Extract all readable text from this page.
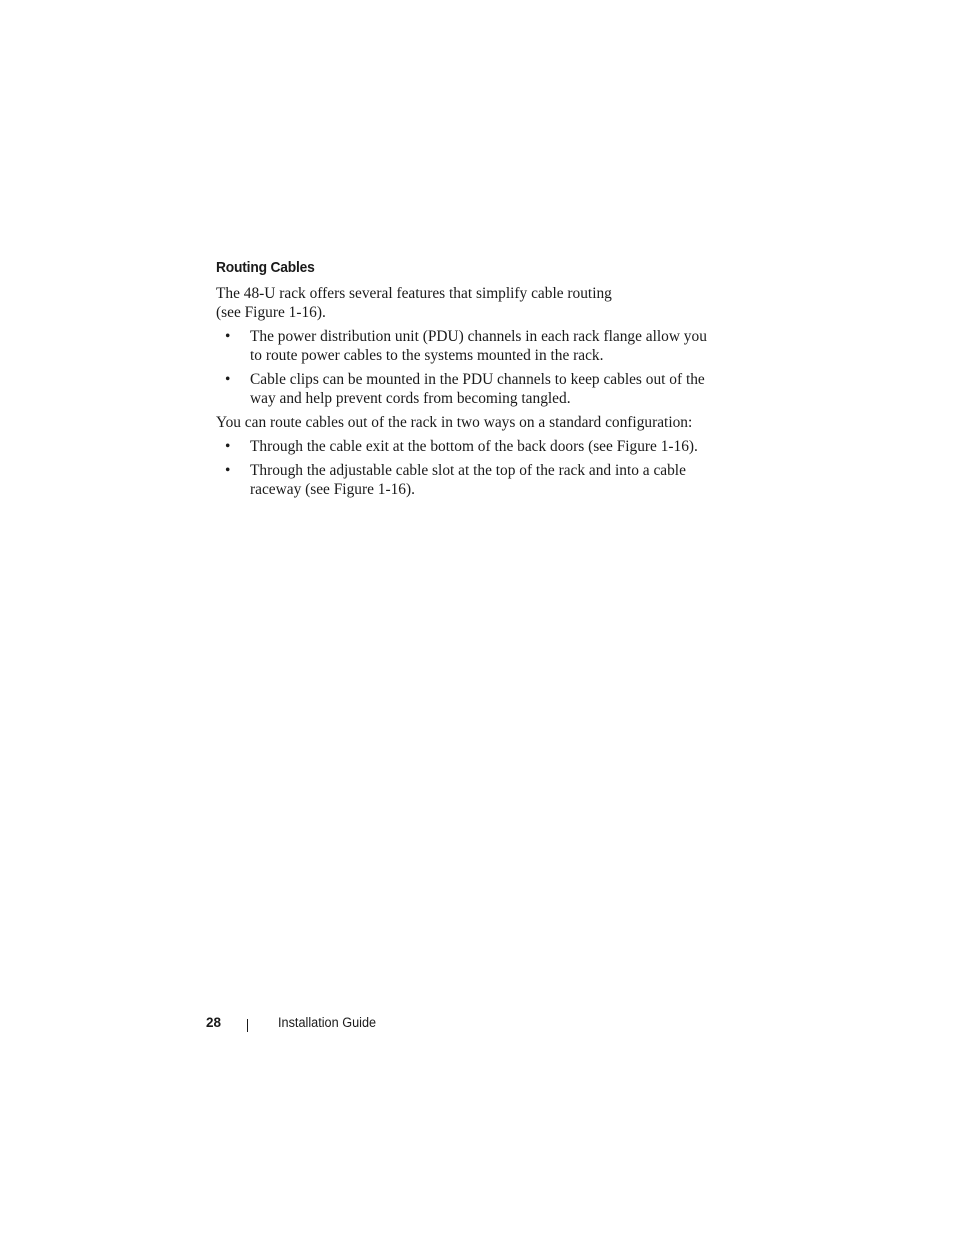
Routing Cables

The 48-U rack offers several features that simplify cable routing
(see Figure 1-16).

• The power distribution unit (PDU) channels in each rack flange allow you to route power cables to the systems mounted in the rack.
• Cable clips can be mounted in the PDU channels to keep cables out of the way and help prevent cords from becoming tangled.

You can route cables out of the rack in two ways on a standard configuration:

• Through the cable exit at the bottom of the back doors (see Figure 1-16).
• Through the adjustable cable slot at the top of the rack and into a cable raceway (see Figure 1-16).
28	Installation Guide
